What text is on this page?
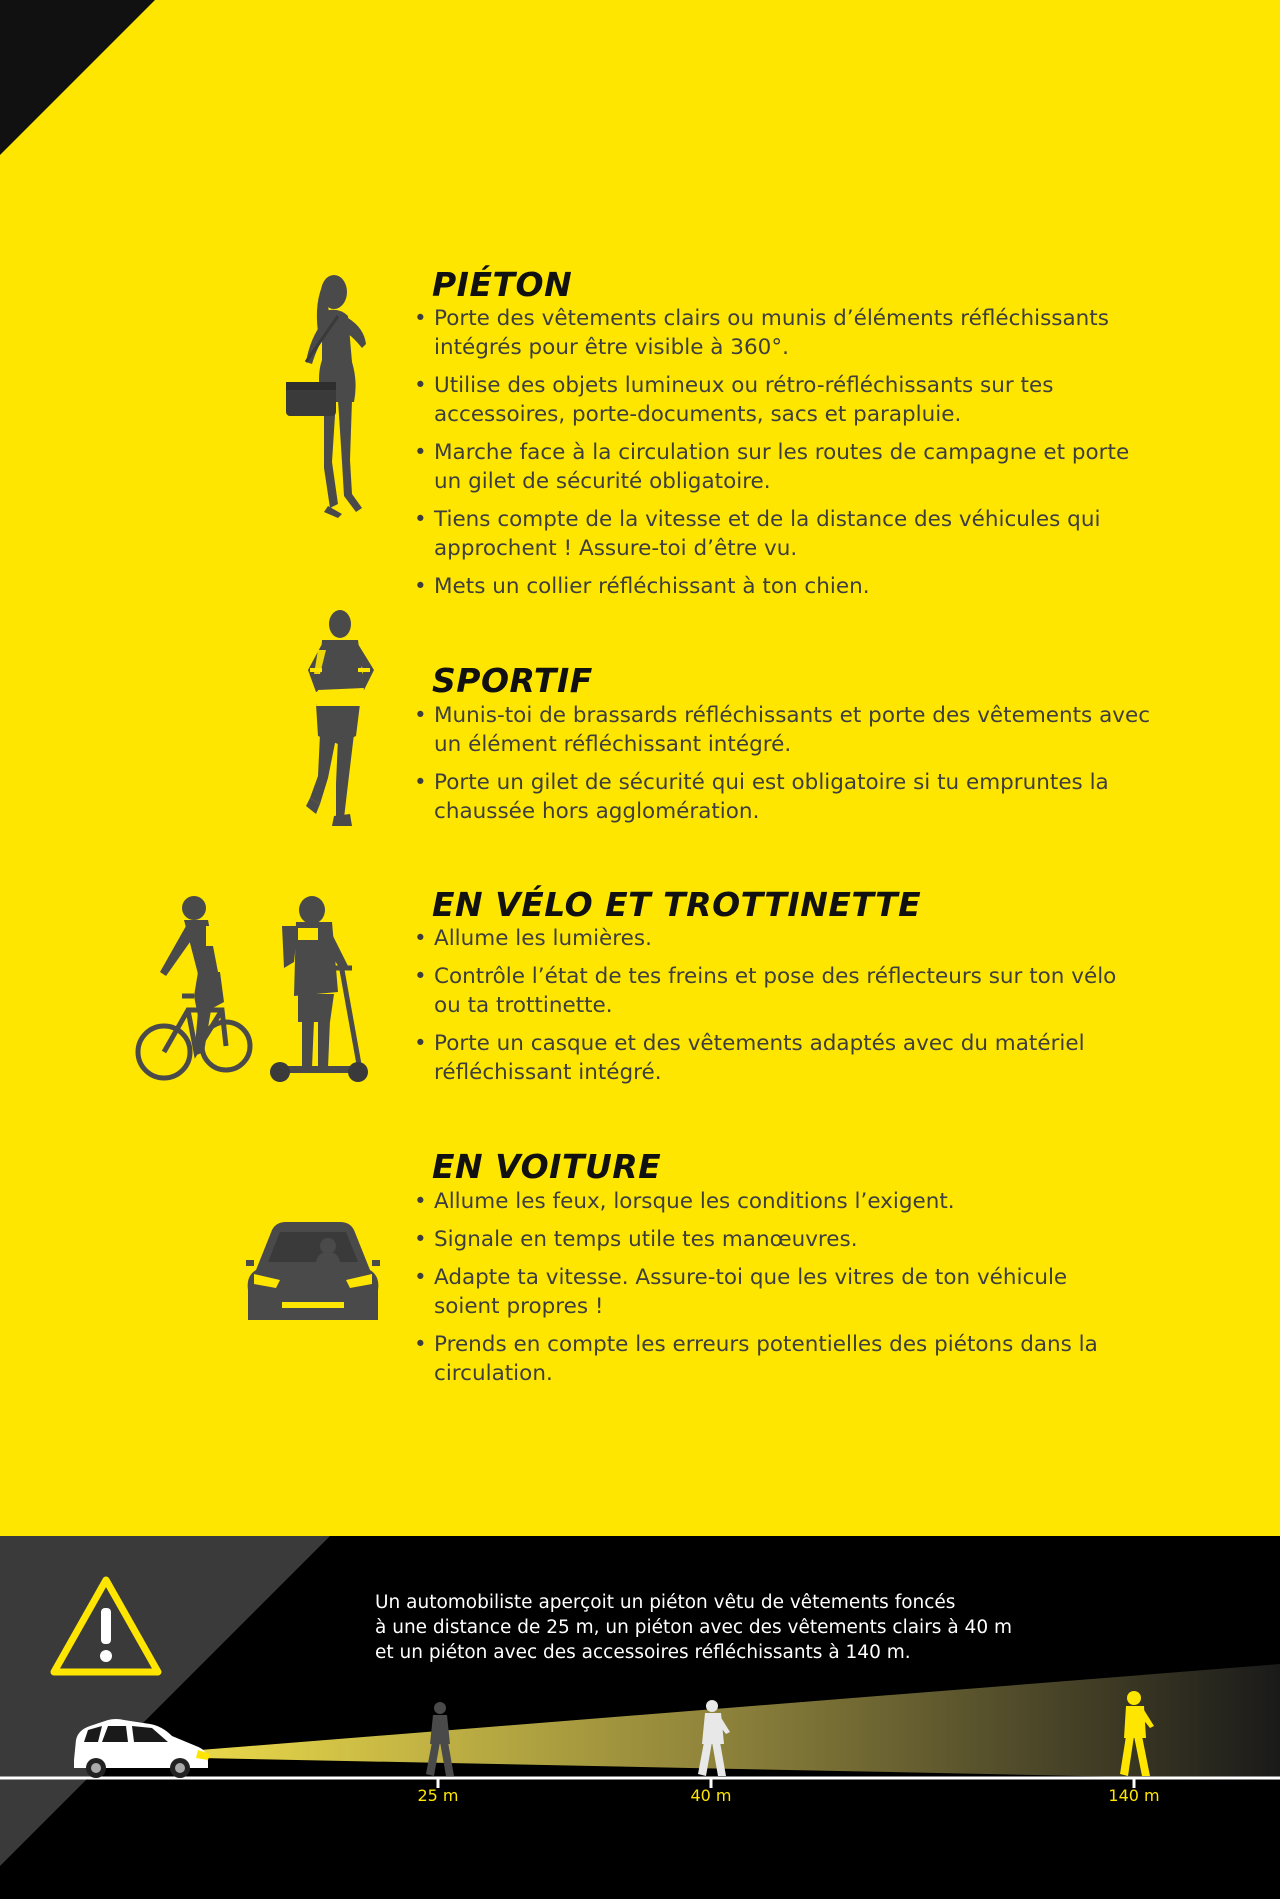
PIÉTON
• Porte des vêtements clairs ou munis d’éléments réfléchissants intégrés pour être visible à 360°.
• Utilise des objets lumineux ou rétro-réfléchissants sur tes accessoires, porte-documents, sacs et parapluie.
• Marche face à la circulation sur les routes de campagne et porte un gilet de sécurité obligatoire.
• Tiens compte de la vitesse et de la distance des véhicules qui approchent ! Assure-toi d’être vu.
• Mets un collier réfléchissant à ton chien.
SPORTIF
• Munis-toi de brassards réfléchissants et porte des vêtements avec un élément réfléchissant intégré.
• Porte un gilet de sécurité qui est obligatoire si tu empruntes la chaussée hors agglomération.
EN VÉLO ET TROTTINETTE
• Allume les lumières.
• Contrôle l’état de tes freins et pose des réflecteurs sur ton vélo ou ta trottinette.
• Porte un casque et des vêtements adaptés avec du matériel réfléchissant intégré.
EN VOITURE
• Allume les feux, lorsque les conditions l’exigent.
• Signale en temps utile tes manœuvres.
• Adapte ta vitesse. Assure-toi que les vitres de ton véhicule soient propres !
• Prends en compte les erreurs potentielles des piétons dans la circulation.
Un automobiliste aperçoit un piéton vêtu de vêtements foncés
à une distance de 25 m, un piéton avec des vêtements clairs à 40 m
et un piéton avec des accessoires réfléchissants à 140 m.
25 m	40 m	140 m
